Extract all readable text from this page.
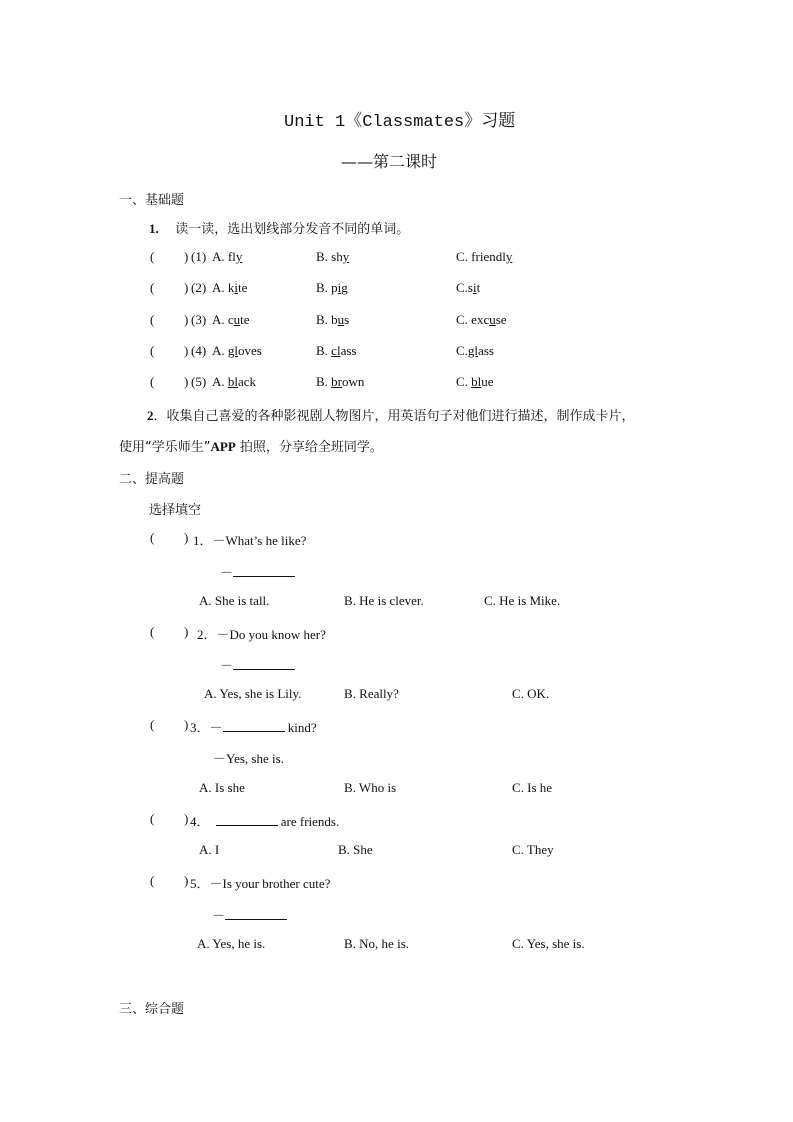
Unit 1《Classmates》习题
——第二课时
一、基础题
1. 读一读，选出划线部分发音不同的单词。
( ) (1) A. fly	B. shy	C. friendly
( ) (2) A. kite	B. pig	C.sit
( ) (3) A. cute	B. bus	C. excuse
( ) (4) A. gloves	B. class	C.glass
( ) (5) A. black	B. brown	C. blue
2．收集自己喜爱的各种影视剧人物图片，用英语句子对他们进行描述，制作成卡片，
使用“学乐师生”APP 拍照，分享给全班同学。
二、提高题
选择填空
( ) 1．－What’s he like?
－
A. She is tall.	B. He is clever.	C. He is Mike.
( ) 2．－Do you know her?
－
A. Yes, she is Lily.	B. Really?	C. OK.
( ) 3．－	kind?
－Yes, she is.
A. Is she	B. Who is	C. Is he
( ) 4．	are friends.
A. I	B. She	C. They
( ) 5．－Is your brother cute?
－
A. Yes, he is.	B. No, he is.	C. Yes, she is.
三、综合题
